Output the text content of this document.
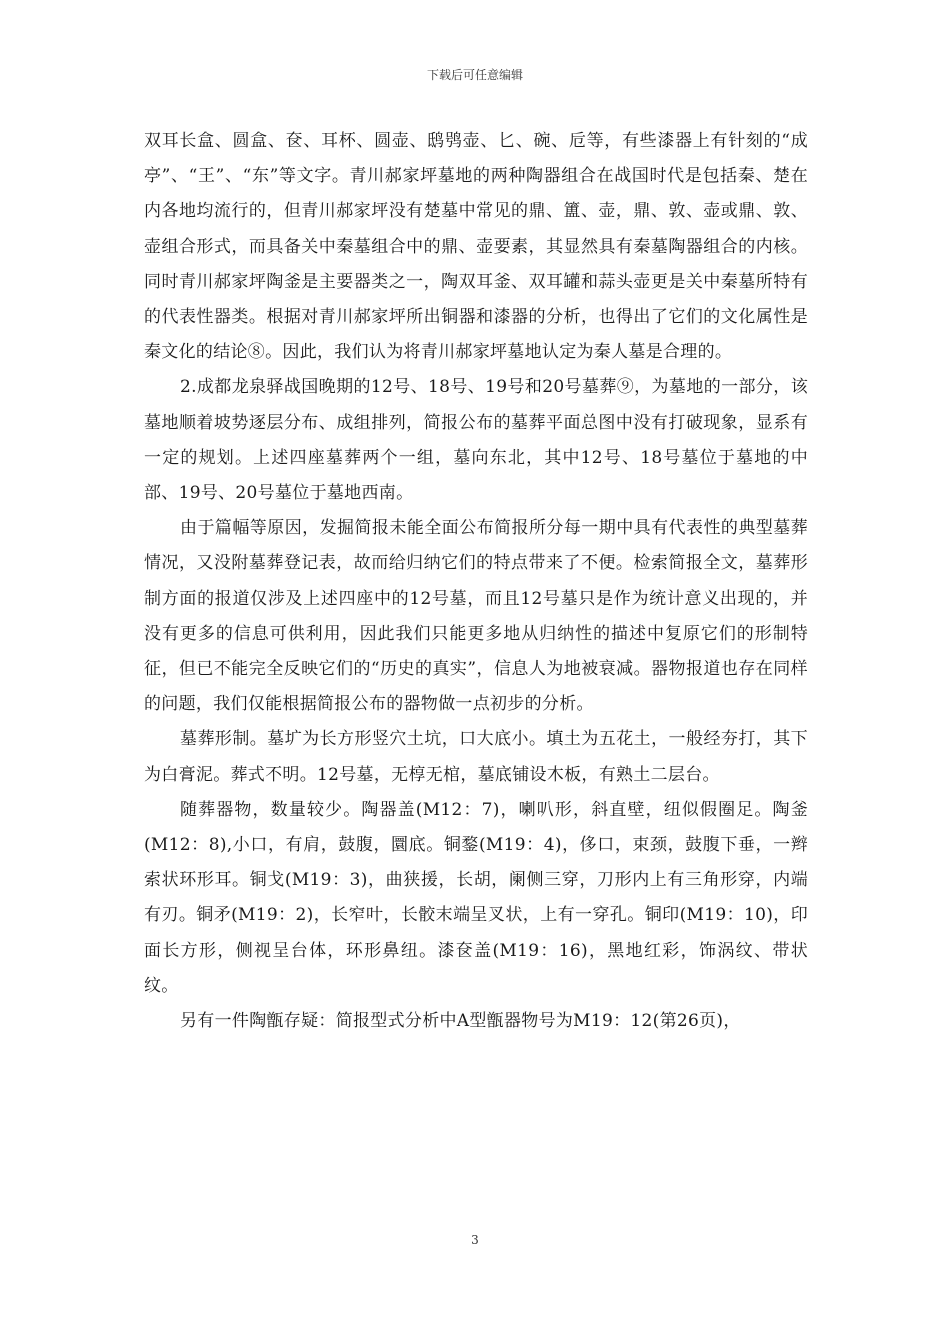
下载后可任意编辑

双耳长盒、圆盒、奁、耳杯、圆壶、鸱鸮壶、匕、碗、卮等，有些漆器上有针刻的“成亭”、“王”、“东”等文字。青川郝家坪墓地的两种陶器组合在战国时代是包括秦、楚在内各地均流行的，但青川郝家坪没有楚墓中常见的鼎、簠、壶，鼎、敦、壶或鼎、敦、壶组合形式，而具备关中秦墓组合中的鼎、壶要素，其显然具有秦墓陶器组合的内核。同时青川郝家坪陶釜是主要器类之一，陶双耳釜、双耳罐和蒜头壶更是关中秦墓所特有的代表性器类。根据对青川郝家坪所出铜器和漆器的分析，也得出了它们的文化属性是秦文化的结论⑧。因此，我们认为将青川郝家坪墓地认定为秦人墓是合理的。

2.成都龙泉驿战国晚期的12号、18号、19号和20号墓葬⑨，为墓地的一部分，该墓地顺着坡势逐层分布、成组排列，简报公布的墓葬平面总图中没有打破现象，显系有一定的规划。上述四座墓葬两个一组，墓向东北，其中12号、18号墓位于墓地的中部、19号、20号墓位于墓地西南。

由于篇幅等原因，发掘简报未能全面公布简报所分每一期中具有代表性的典型墓葬情况，又没附墓葬登记表，故而给归纳它们的特点带来了不便。检索简报全文，墓葬形制方面的报道仅涉及上述四座中的12号墓，而且12号墓只是作为统计意义出现的，并没有更多的信息可供利用，因此我们只能更多地从归纳性的描述中复原它们的形制特征，但已不能完全反映它们的“历史的真实”，信息人为地被衰减。器物报道也存在同样的问题，我们仅能根据简报公布的器物做一点初步的分析。

墓葬形制。墓圹为长方形竖穴土坑，口大底小。填土为五花土，一般经夯打，其下为白膏泥。葬式不明。12号墓，无椁无棺，墓底铺设木板，有熟土二层台。

随葬器物，数量较少。陶器盖(M12：7)，喇叭形，斜直壁，纽似假圈足。陶釜(M12：8),小口，有肩，鼓腹，圜底。铜鍪(M19：4)，侈口，束颈，鼓腹下垂，一辫索状环形耳。铜戈(M19：3)，曲狭援，长胡，阑侧三穿，刀形内上有三角形穿，内端有刃。铜矛(M19：2)，长窄叶，长骹末端呈叉状，上有一穿孔。铜印(M19：10)，印面长方形，侧视呈台体，环形鼻纽。漆奁盖(M19：16)，黑地红彩，饰涡纹、带状纹。

另有一件陶甑存疑：简报型式分析中A型甑器物号为M19：12(第26页)，

3
